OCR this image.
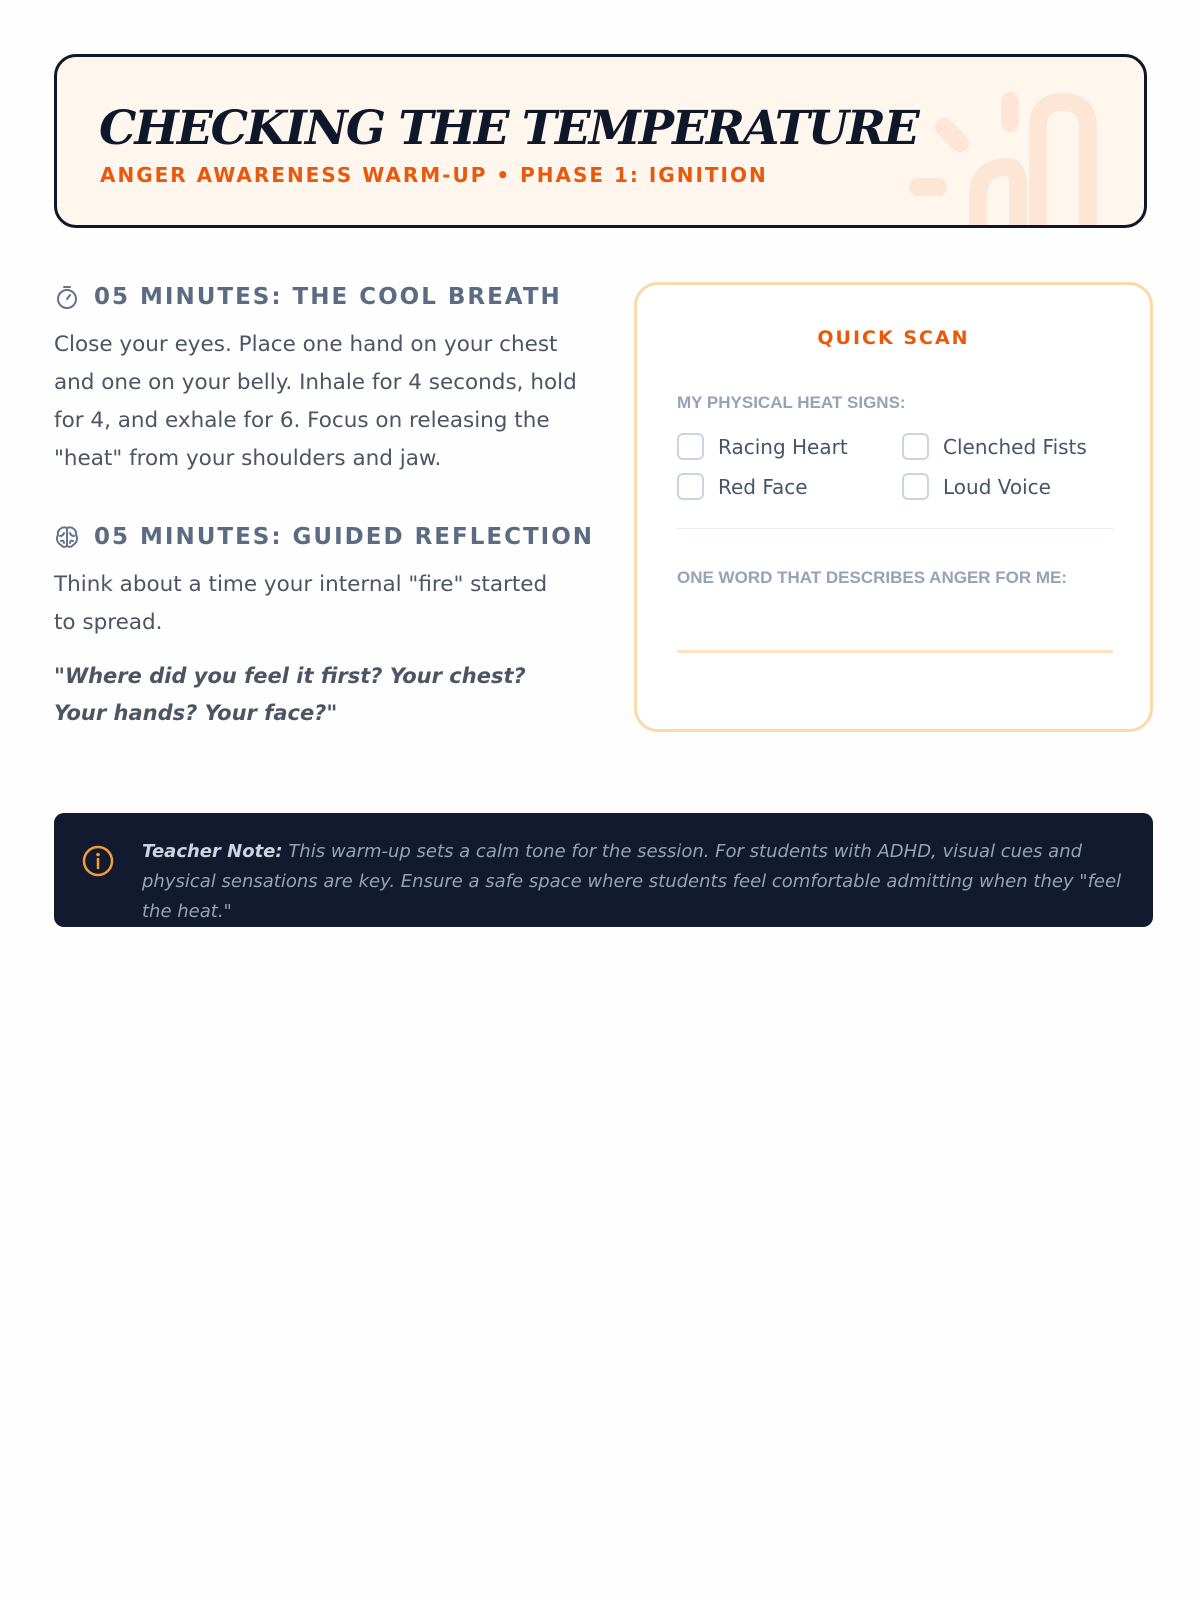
CHECKING THE TEMPERATURE
ANGER AWARENESS WARM-UP • PHASE 1: IGNITION
05 MINUTES: THE COOL BREATH
Close your eyes. Place one hand on your chest and one on your belly. Inhale for 4 seconds, hold for 4, and exhale for 6. Focus on releasing the "heat" from your shoulders and jaw.
05 MINUTES: GUIDED REFLECTION
Think about a time your internal "fire" started to spread.
"Where did you feel it first? Your chest? Your hands? Your face?"
QUICK SCAN
MY PHYSICAL HEAT SIGNS:
Racing Heart	Clenched Fists
Red Face	Loud Voice
ONE WORD THAT DESCRIBES ANGER FOR ME:
Teacher Note: This warm-up sets a calm tone for the session. For students with ADHD, visual cues and physical sensations are key. Ensure a safe space where students feel comfortable admitting when they "feel the heat."
